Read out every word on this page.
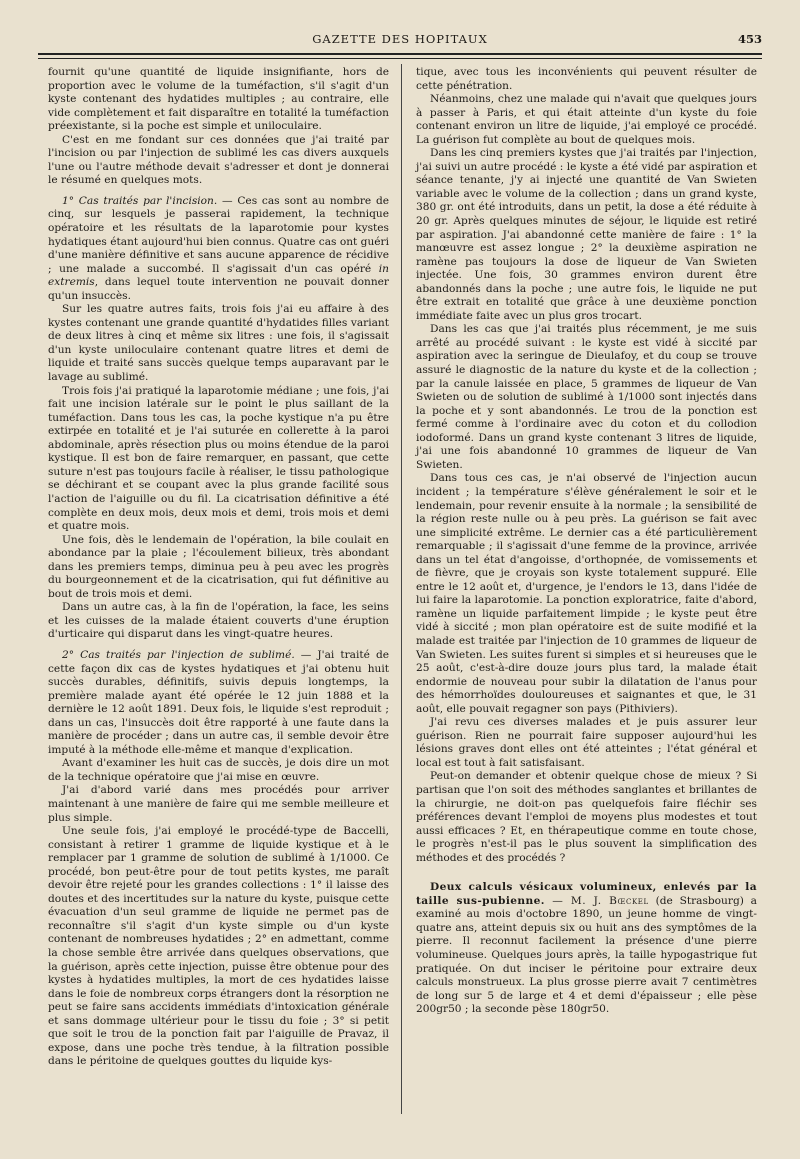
GAZETTE DES HOPITAUX	453

fournit qu'une quantité de liquide insignifiante, hors de proportion avec le volume de la tuméfaction, s'il s'agit d'un kyste contenant des hydatides multiples ; au contraire, elle vide complètement et fait disparaître en totalité la tuméfaction préexistante, si la poche est simple et uniloculaire.

C'est en me fondant sur ces données que j'ai traité par l'incision ou par l'injection de sublimé les cas divers auxquels l'une ou l'autre méthode devait s'adresser et dont je donnerai le résumé en quelques mots.

1° Cas traités par l'incision. — Ces cas sont au nombre de cinq, sur lesquels je passerai rapidement, la technique opératoire et les résultats de la laparotomie pour kystes hydatiques étant aujourd'hui bien connus. Quatre cas ont guéri d'une manière définitive et sans aucune apparence de récidive ; une malade a succombé. Il s'agissait d'un cas opéré in extremis, dans lequel toute intervention ne pouvait donner qu'un insuccès.

Sur les quatre autres faits, trois fois j'ai eu affaire à des kystes contenant une grande quantité d'hydatides filles variant de deux litres à cinq et même six litres : une fois, il s'agissait d'un kyste uniloculaire contenant quatre litres et demi de liquide et traité sans succès quelque temps auparavant par le lavage au sublimé.

Trois fois j'ai pratiqué la laparotomie médiane ; une fois, j'ai fait une incision latérale sur le point le plus saillant de la tuméfaction. Dans tous les cas, la poche kystique n'a pu être extirpée en totalité et je l'ai suturée en collerette à la paroi abdominale, après résection plus ou moins étendue de la paroi kystique. Il est bon de faire remarquer, en passant, que cette suture n'est pas toujours facile à réaliser, le tissu pathologique se déchirant et se coupant avec la plus grande facilité sous l'action de l'aiguille ou du fil. La cicatrisation définitive a été complète en deux mois, deux mois et demi, trois mois et demi et quatre mois.

Une fois, dès le lendemain de l'opération, la bile coulait en abondance par la plaie ; l'écoulement bilieux, très abondant dans les premiers temps, diminua peu à peu avec les progrès du bourgeonnement et de la cicatrisation, qui fut définitive au bout de trois mois et demi.

Dans un autre cas, à la fin de l'opération, la face, les seins et les cuisses de la malade étaient couverts d'une éruption d'urticaire qui disparut dans les vingt-quatre heures.

2° Cas traités par l'injection de sublimé. — J'ai traité de cette façon dix cas de kystes hydatiques et j'ai obtenu huit succès durables, définitifs, suivis depuis longtemps, la première malade ayant été opérée le 12 juin 1888 et la dernière le 12 août 1891. Deux fois, le liquide s'est reproduit ; dans un cas, l'insuccès doit être rapporté à une faute dans la manière de procéder ; dans un autre cas, il semble devoir être imputé à la méthode elle-même et manque d'explication.

Avant d'examiner les huit cas de succès, je dois dire un mot de la technique opératoire que j'ai mise en œuvre.

J'ai d'abord varié dans mes procédés pour arriver maintenant à une manière de faire qui me semble meilleure et plus simple.

Une seule fois, j'ai employé le procédé-type de Baccelli, consistant à retirer 1 gramme de liquide kystique et à le remplacer par 1 gramme de solution de sublimé à 1/1000. Ce procédé, bon peut-être pour de tout petits kystes, me paraît devoir être rejeté pour les grandes collections : 1° il laisse des doutes et des incertitudes sur la nature du kyste, puisque cette évacuation d'un seul gramme de liquide ne permet pas de reconnaître s'il s'agit d'un kyste simple ou d'un kyste contenant de nombreuses hydatides ; 2° en admettant, comme la chose semble être arrivée dans quelques observations, que la guérison, après cette injection, puisse être obtenue pour des kystes à hydatides multiples, la mort de ces hydatides laisse dans le foie de nombreux corps étrangers dont la résorption ne peut se faire sans accidents immédiats d'intoxication générale et sans dommage ultérieur pour le tissu du foie ; 3° si petit que soit le trou de la ponction fait par l'aiguille de Pravaz, il expose, dans une poche très tendue, à la filtration possible dans le péritoine de quelques gouttes du liquide kys-

tique, avec tous les inconvénients qui peuvent résulter de cette pénétration.

Néanmoins, chez une malade qui n'avait que quelques jours à passer à Paris, et qui était atteinte d'un kyste du foie contenant environ un litre de liquide, j'ai employé ce procédé. La guérison fut complète au bout de quelques mois.

Dans les cinq premiers kystes que j'ai traités par l'injection, j'ai suivi un autre procédé : le kyste a été vidé par aspiration et séance tenante, j'y ai injecté une quantité de Van Swieten variable avec le volume de la collection ; dans un grand kyste, 380 gr. ont été introduits, dans un petit, la dose a été réduite à 20 gr. Après quelques minutes de séjour, le liquide est retiré par aspiration. J'ai abandonné cette manière de faire : 1° la manœuvre est assez longue ; 2° la deuxième aspiration ne ramène pas toujours la dose de liqueur de Van Swieten injectée. Une fois, 30 grammes environ durent être abandonnés dans la poche ; une autre fois, le liquide ne put être extrait en totalité que grâce à une deuxième ponction immédiate faite avec un plus gros trocart.

Dans les cas que j'ai traités plus récemment, je me suis arrêté au procédé suivant : le kyste est vidé à siccité par aspiration avec la seringue de Dieulafoy, et du coup se trouve assuré le diagnostic de la nature du kyste et de la collection ; par la canule laissée en place, 5 grammes de liqueur de Van Swieten ou de solution de sublimé à 1/1000 sont injectés dans la poche et y sont abandonnés. Le trou de la ponction est fermé comme à l'ordinaire avec du coton et du collodion iodoformé. Dans un grand kyste contenant 3 litres de liquide, j'ai une fois abandonné 10 grammes de liqueur de Van Swieten.

Dans tous ces cas, je n'ai observé de l'injection aucun incident ; la température s'élève généralement le soir et le lendemain, pour revenir ensuite à la normale ; la sensibilité de la région reste nulle ou à peu près. La guérison se fait avec une simplicité extrême. Le dernier cas a été particulièrement remarquable ; il s'agissait d'une femme de la province, arrivée dans un tel état d'angoisse, d'orthopnée, de vomissements et de fièvre, que je croyais son kyste totalement suppuré. Elle entre le 12 août et, d'urgence, je l'endors le 13, dans l'idée de lui faire la laparotomie. La ponction exploratrice, faite d'abord, ramène un liquide parfaitement limpide ; le kyste peut être vidé à siccité ; mon plan opératoire est de suite modifié et la malade est traitée par l'injection de 10 grammes de liqueur de Van Swieten. Les suites furent si simples et si heureuses que le 25 août, c'est-à-dire douze jours plus tard, la malade était endormie de nouveau pour subir la dilatation de l'anus pour des hémorrhoïdes douloureuses et saignantes et que, le 31 août, elle pouvait regagner son pays (Pithiviers).

J'ai revu ces diverses malades et je puis assurer leur guérison. Rien ne pourrait faire supposer aujourd'hui les lésions graves dont elles ont été atteintes ; l'état général et local est tout à fait satisfaisant.

Peut-on demander et obtenir quelque chose de mieux ? Si partisan que l'on soit des méthodes sanglantes et brillantes de la chirurgie, ne doit-on pas quelquefois faire fléchir ses préférences devant l'emploi de moyens plus modestes et tout aussi efficaces ? Et, en thérapeutique comme en toute chose, le progrès n'est-il pas le plus souvent la simplification des méthodes et des procédés ?

Deux calculs vésicaux volumineux, enlevés par la taille sus-pubienne. — M. J. Bœckel (de Strasbourg) a examiné au mois d'octobre 1890, un jeune homme de vingt-quatre ans, atteint depuis six ou huit ans des symptômes de la pierre. Il reconnut facilement la présence d'une pierre volumineuse. Quelques jours après, la taille hypogastrique fut pratiquée. On dut inciser le péritoine pour extraire deux calculs monstrueux. La plus grosse pierre avait 7 centimètres de long sur 5 de large et 4 et demi d'épaisseur ; elle pèse 200gr50 ; la seconde pèse 180gr50.
